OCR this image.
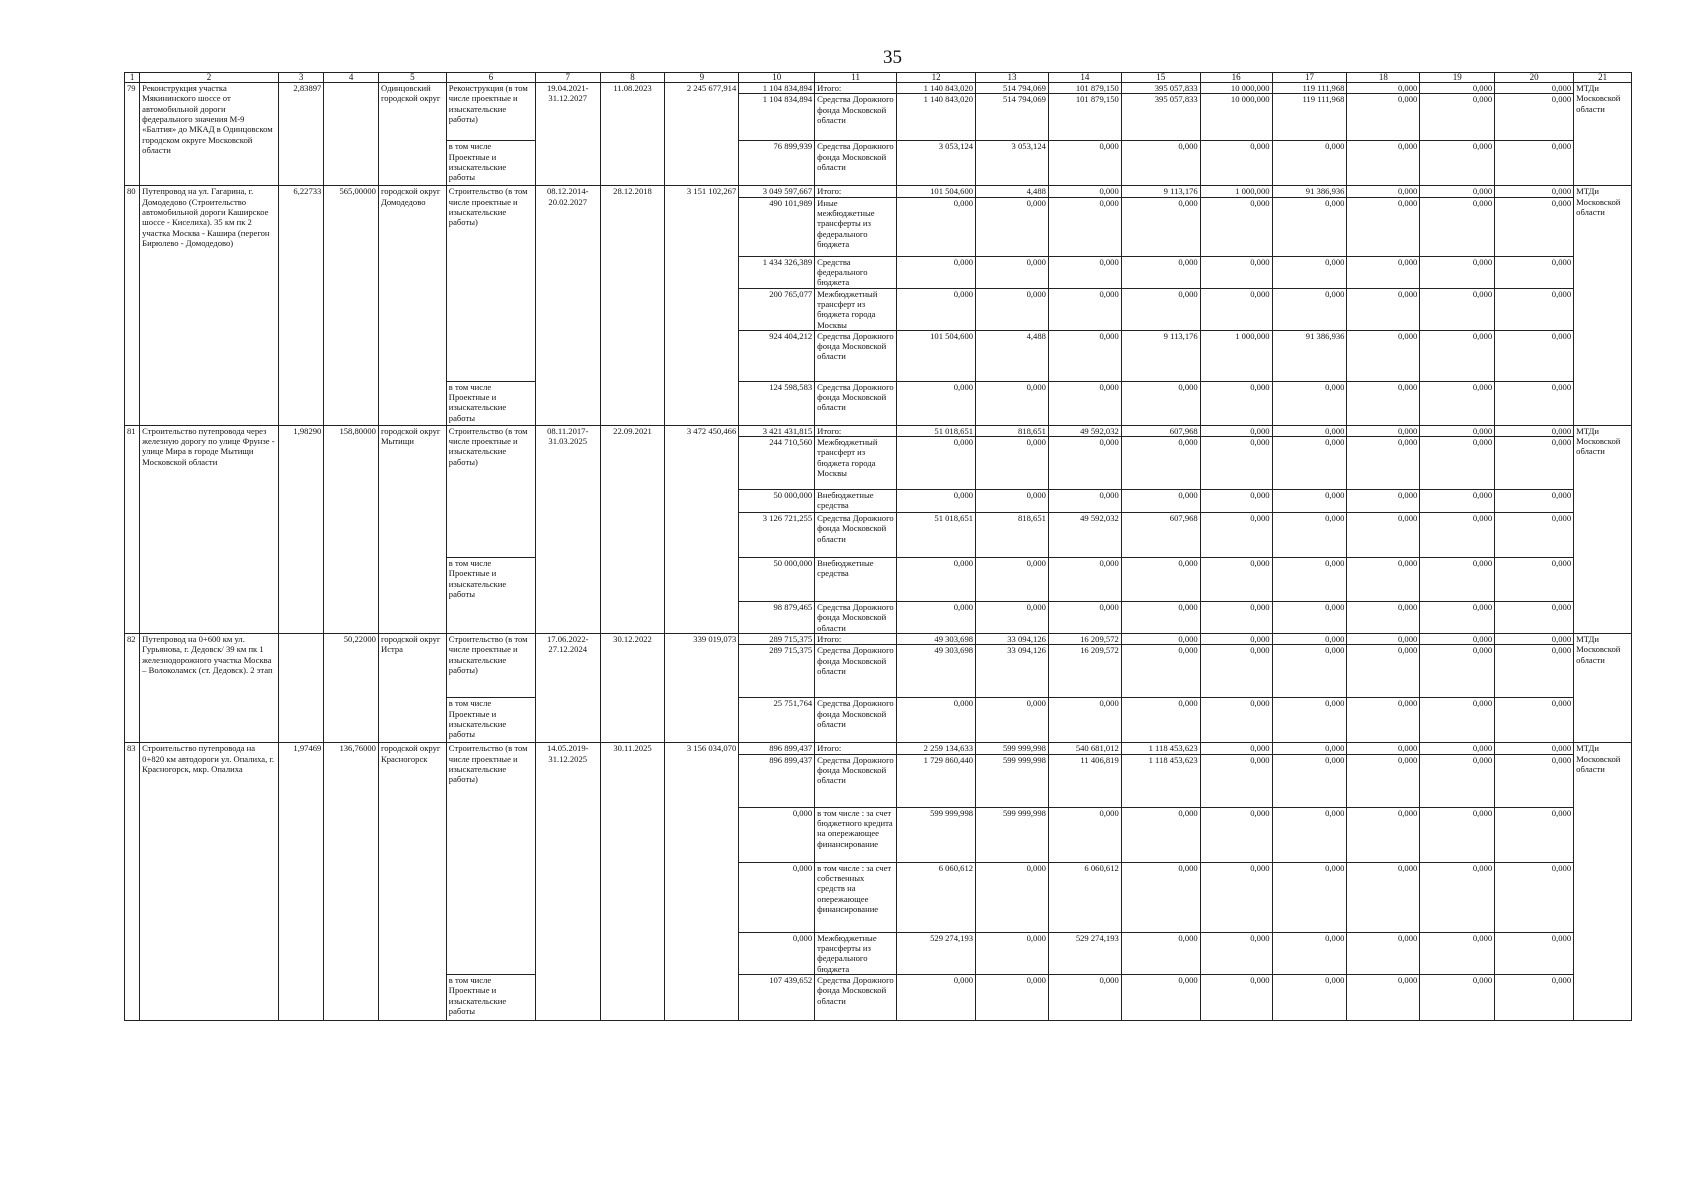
35
1	2	3	4	5	6	7	8	9	10	11	12	13	14	15	16	17	18	19	20	21
79	Реконструкция участка Мякининского шоссе от автомобильной дороги федерального значения М-9 «Балтия» до МКАД в Одинцовском городском округе Московской области	2,83897		Одинцовский городской округ	Реконструкция (в том числе проектные и изыскательские работы)	19.04.2021-31.12.2027	11.08.2023	2 245 677,914	1 104 834,894	Итого:	1 140 843,020	514 794,069	101 879,150	395 057,833	10 000,000	119 111,968	0,000	0,000	0,000	МТДи Московской области
									1 104 834,894	Средства Дорожного фонда Московской области	1 140 843,020	514 794,069	101 879,150	395 057,833	10 000,000	119 111,968	0,000	0,000	0,000	
					в том числе Проектные и изыскательские работы				76 899,939	Средства Дорожного фонда Московской области	3 053,124	3 053,124	0,000	0,000	0,000	0,000	0,000	0,000	0,000	
80	Путепровод на ул. Гагарина, г. Домодедово (Строительство автомобильной дороги Каширское шоссе - Киселиха). 35 км пк 2 участка Москва - Кашира (перегон Бирюлево - Домодедово)	6,22733	565,00000	городской округ Домодедово	Строительство (в том числе проектные и изыскательские работы)	08.12.2014-20.02.2027	28.12.2018	3 151 102,267	3 049 597,667	Итого:	101 504,600	4,488	0,000	9 113,176	1 000,000	91 386,936	0,000	0,000	0,000	МТДи Московской области
									490 101,989	Иные межбюджетные трансферты из федерального бюджета	0,000	0,000	0,000	0,000	0,000	0,000	0,000	0,000	0,000	
									1 434 326,389	Средства федерального бюджета	0,000	0,000	0,000	0,000	0,000	0,000	0,000	0,000	0,000	
									200 765,077	Межбюджетный трансферт из бюджета города Москвы	0,000	0,000	0,000	0,000	0,000	0,000	0,000	0,000	0,000	
									924 404,212	Средства Дорожного фонда Московской области	101 504,600	4,488	0,000	9 113,176	1 000,000	91 386,936	0,000	0,000	0,000	
					в том числе Проектные и изыскательские работы				124 598,583	Средства Дорожного фонда Московской области	0,000	0,000	0,000	0,000	0,000	0,000	0,000	0,000	0,000	
81	Строительство путепровода через железную дорогу по улице Фрунзе - улице Мира в городе Мытищи Московской области	1,98290	158,80000	городской округ Мытищи	Строительство (в том числе проектные и изыскательские работы)	08.11.2017-31.03.2025	22.09.2021	3 472 450,466	3 421 431,815	Итого:	51 018,651	818,651	49 592,032	607,968	0,000	0,000	0,000	0,000	0,000	МТДи Московской области
									244 710,560	Межбюджетный трансферт из бюджета города Москвы	0,000	0,000	0,000	0,000	0,000	0,000	0,000	0,000	0,000	
									50 000,000	Внебюджетные средства	0,000	0,000	0,000	0,000	0,000	0,000	0,000	0,000	0,000	
									3 126 721,255	Средства Дорожного фонда Московской области	51 018,651	818,651	49 592,032	607,968	0,000	0,000	0,000	0,000	0,000	
					в том числе Проектные и изыскательские работы				50 000,000	Внебюджетные средства	0,000	0,000	0,000	0,000	0,000	0,000	0,000	0,000	0,000	
									98 879,465	Средства Дорожного фонда Московской области	0,000	0,000	0,000	0,000	0,000	0,000	0,000	0,000	0,000	
82	Путепровод на 0+600 км ул. Гурьянова, г. Дедовск/ 39 км пк 1 железнодорожного участка Москва – Волоколамск (ст. Дедовск). 2 этап		50,22000	городской округ Истра	Строительство (в том числе проектные и изыскательские работы)	17.06.2022-27.12.2024	30.12.2022	339 019,073	289 715,375	Итого:	49 303,698	33 094,126	16 209,572	0,000	0,000	0,000	0,000	0,000	0,000	МТДи Московской области
									289 715,375	Средства Дорожного фонда Московской области	49 303,698	33 094,126	16 209,572	0,000	0,000	0,000	0,000	0,000	0,000	
					в том числе Проектные и изыскательские работы				25 751,764	Средства Дорожного фонда Московской области	0,000	0,000	0,000	0,000	0,000	0,000	0,000	0,000	0,000	
83	Строительство путепровода на 0+820 км автодороги ул. Опалиха, г. Красногорск, мкр. Опалиха	1,97469	136,76000	городской округ Красногорск	Строительство (в том числе проектные и изыскательские работы)	14.05.2019-31.12.2025	30.11.2025	3 156 034,070	896 899,437	Итого:	2 259 134,633	599 999,998	540 681,012	1 118 453,623	0,000	0,000	0,000	0,000	0,000	МТДи Московской области
									896 899,437	Средства Дорожного фонда Московской области	1 729 860,440	599 999,998	11 406,819	1 118 453,623	0,000	0,000	0,000	0,000	0,000	
									0,000	в том числе : за счет бюджетного кредита на опережающее финансирование	599 999,998	599 999,998	0,000	0,000	0,000	0,000	0,000	0,000	0,000	
									0,000	в том числе : за счет собственных средств на опережающее финансирование	6 060,612	0,000	6 060,612	0,000	0,000	0,000	0,000	0,000	0,000	
									0,000	Межбюджетные трансферты из федерального бюджета	529 274,193	0,000	529 274,193	0,000	0,000	0,000	0,000	0,000	0,000	
					в том числе Проектные и изыскательские работы				107 439,652	Средства Дорожного фонда Московской области	0,000	0,000	0,000	0,000	0,000	0,000	0,000	0,000	0,000	
